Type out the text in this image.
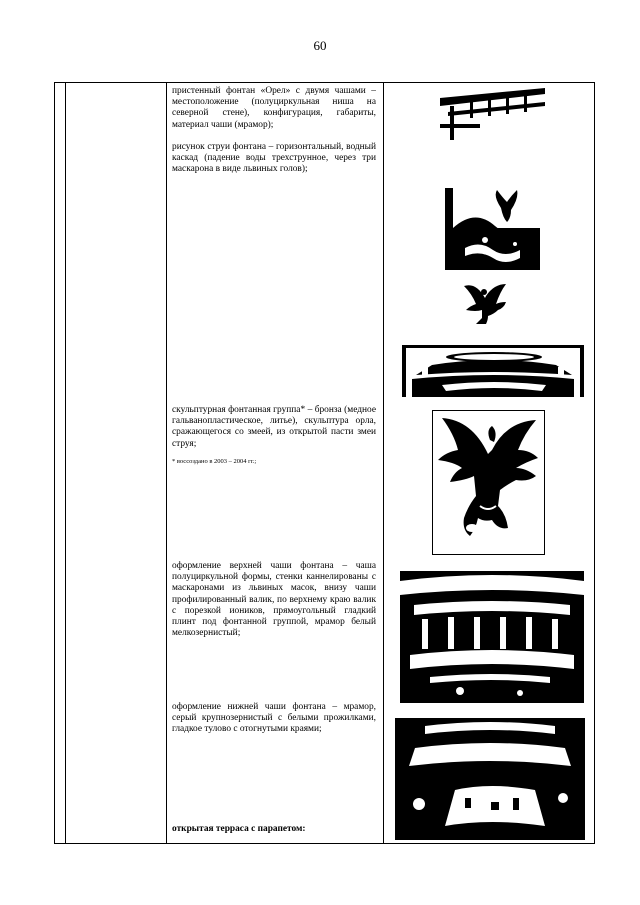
60

пристенный фонтан «Орел» с двумя чашами – местоположение (полуциркульная ниша на северной стене), конфигурация, габариты, материал чаши (мрамор);

рисунок струи фонтана – горизонтальный, водный каскад (падение воды трехструнное, через три маскарона в виде львиных голов);

скульптурная фонтанная группа* – бронза (медное гальванопластическое, литье), скульптура орла, сражающегося со змеей, из открытой пасти змеи струя;

* воссоздано в 2003 – 2004 гг.;

оформление верхней чаши фонтана – чаша полуциркульной формы, стенки каннелированы с маскаронами из львиных масок, внизу чаши профилированный валик, по верхнему краю валик с порезкой иоников, прямоугольный гладкий плинт под фонтанной группой, мрамор белый мелкозернистый;

оформление нижней чаши фонтана – мрамор, серый крупнозернистый с белыми прожилками, гладкое тулово с отогнутыми краями;

открытая терраса с парапетом:
